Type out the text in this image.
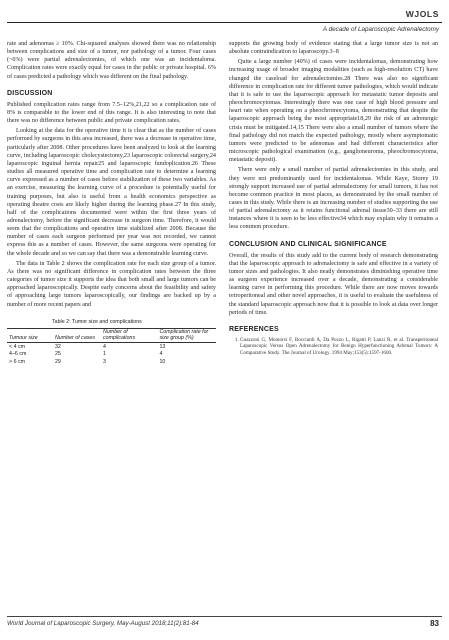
WJOLS
A decade of Laparoscopic Adrenalectomy

rate and adenomas ≥ 10%. Chi-squared analyses showed there was no relationship between complications and size of a tumor, nor pathology of a tumor. Four cases (~6%) were partial adrenalectomies, of which one was an incidentaloma. Complication rates were exactly equal for cases in the public or private hospital. 6% of cases predicted a pathology which was different on the final pathology.

DISCUSSION

Published complication rates range from 7.5–12%,21,22 so a complication rate of 8% is comparable to the lower end of this range. It is also interesting to note that there was no difference between public and private complication rates.

Looking at the data for the operative time it is clear that as the number of cases performed by surgeons in this area increased, there was a decrease in operative time, particularly after 2008. Other procedures have been analyzed to look at the learning curve, including laparoscopic cholecystectomy,23 laparoscopic colorectal surgery,24 laparoscopic inguinal hernia repair25 and laparoscopic fundoplication.26 These studies all measured operative time and complication rate to determine a learning curve expressed as a number of cases before stabilization of these two variables. As an exercise, measuring the learning curve of a procedure is potentially useful for training purposes, but also is useful from a health economics perspective as operating theatre costs are likely higher during the learning phase.27 In this study, half of the complications documented were within the first three years of adrenalectomy, before the significant decrease in surgeon time. Therefore, it would seem that the complications and operative time stabilized after 2008. Because the number of cases each surgeon performed per year was not recorded, we cannot express this as a number of cases. However, the same surgeons were operating for the whole decade and so we can say that there was a demonstrable learning curve.

The data in Table 2 shows the complication rate for each size group of a tumor. As there was no significant difference in complication rates between the three categories of tumor size it supports the idea that both small and large tumors can be approached laparoscopically. Despite early concerns about the feasibility and safety of approaching large tumors laparoscopically, our findings are backed up by a number of more recent papers and

Table 2: Tumor size and complications
Tumour size	Number of cases	Number of complications	Complication rate for size group (%)
< 4 cm	32	4	13
4–6 cm	25	1	4
> 6 cm	29	3	10

supports the growing body of evidence stating that a large tumor size is not an absolute contraindication to laparoscopy.3–8

Quite a large number (40%) of cases were incidentalomas, demonstrating how increasing usage of broader imaging modalities (such as high-resolution CT) have changed the caseload for adrenalectomies.28 There was also no significant difference in complication rate for different tumor pathologies, which would indicate that it is safe to use the laparoscopic approach for metastatic tumor deposits and pheochromocytomas. Interestingly there was one case of high blood pressure and heart rate when operating on a pheochromocytoma, demonstrating that despite the laparoscopic approach being the most appropriate18,29 the risk of an adrenergic crisis must be mitigated.14,15 There were also a small number of tumors where the final pathology did not match the expected pathology, mostly where asymptomatic tumors were predicted to be adenomas and had different characteristics after microscopic pathological examination (e.g., ganglioneuroma, pheochromocytoma, metastatic deposit).

There were only a small number of partial adrenalectomies in this study, and they were not predominantly used for incidentalomas. While Kaye, Storey 19 strongly support increased use of partial adrenalectomy for small tumors, it has not become common practice in most places, as demonstrated by the small number of cases in this study. While there is an increasing number of studies supporting the use of partial adrenalectomy as it retains functional adrenal tissue30–33 there are still instances where it is seen to be less effective34 which may explain why it remains a less common procedure.

CONCLUSION AND CLINICAL SIGNIFICANCE

Overall, the results of this study add to the current body of research demonstrating that the laparoscopic approach to adrenalectomy is safe and effective in a variety of tumor sizes and pathologies. It also neatly demonstrates diminishing operative time as surgeon experience increased over a decade, demonstrating a considerable learning curve in performing this procedure. While there are now moves towards retroperitoneal and other novel approaches, it is useful to evaluate the usefulness of the standard laparoscopic approach now that it is possible to look at data over longer periods of time.

REFERENCES
1. Guazzoni G, Montorsi F, Bocciardi A, Da Pozzo L, Rigatti P, Lanzi R, et al. Transperitoneal Laparoscopic Versus Open Adrenalectomy for Benign Hyperfunctioning Adrenal Tumors: A Comparative Study. The Journal of Urology. 1994 May;153(5):1597-1600.
World Journal of Laparoscopic Surgery, May-August 2018;11(2):81-84	83
